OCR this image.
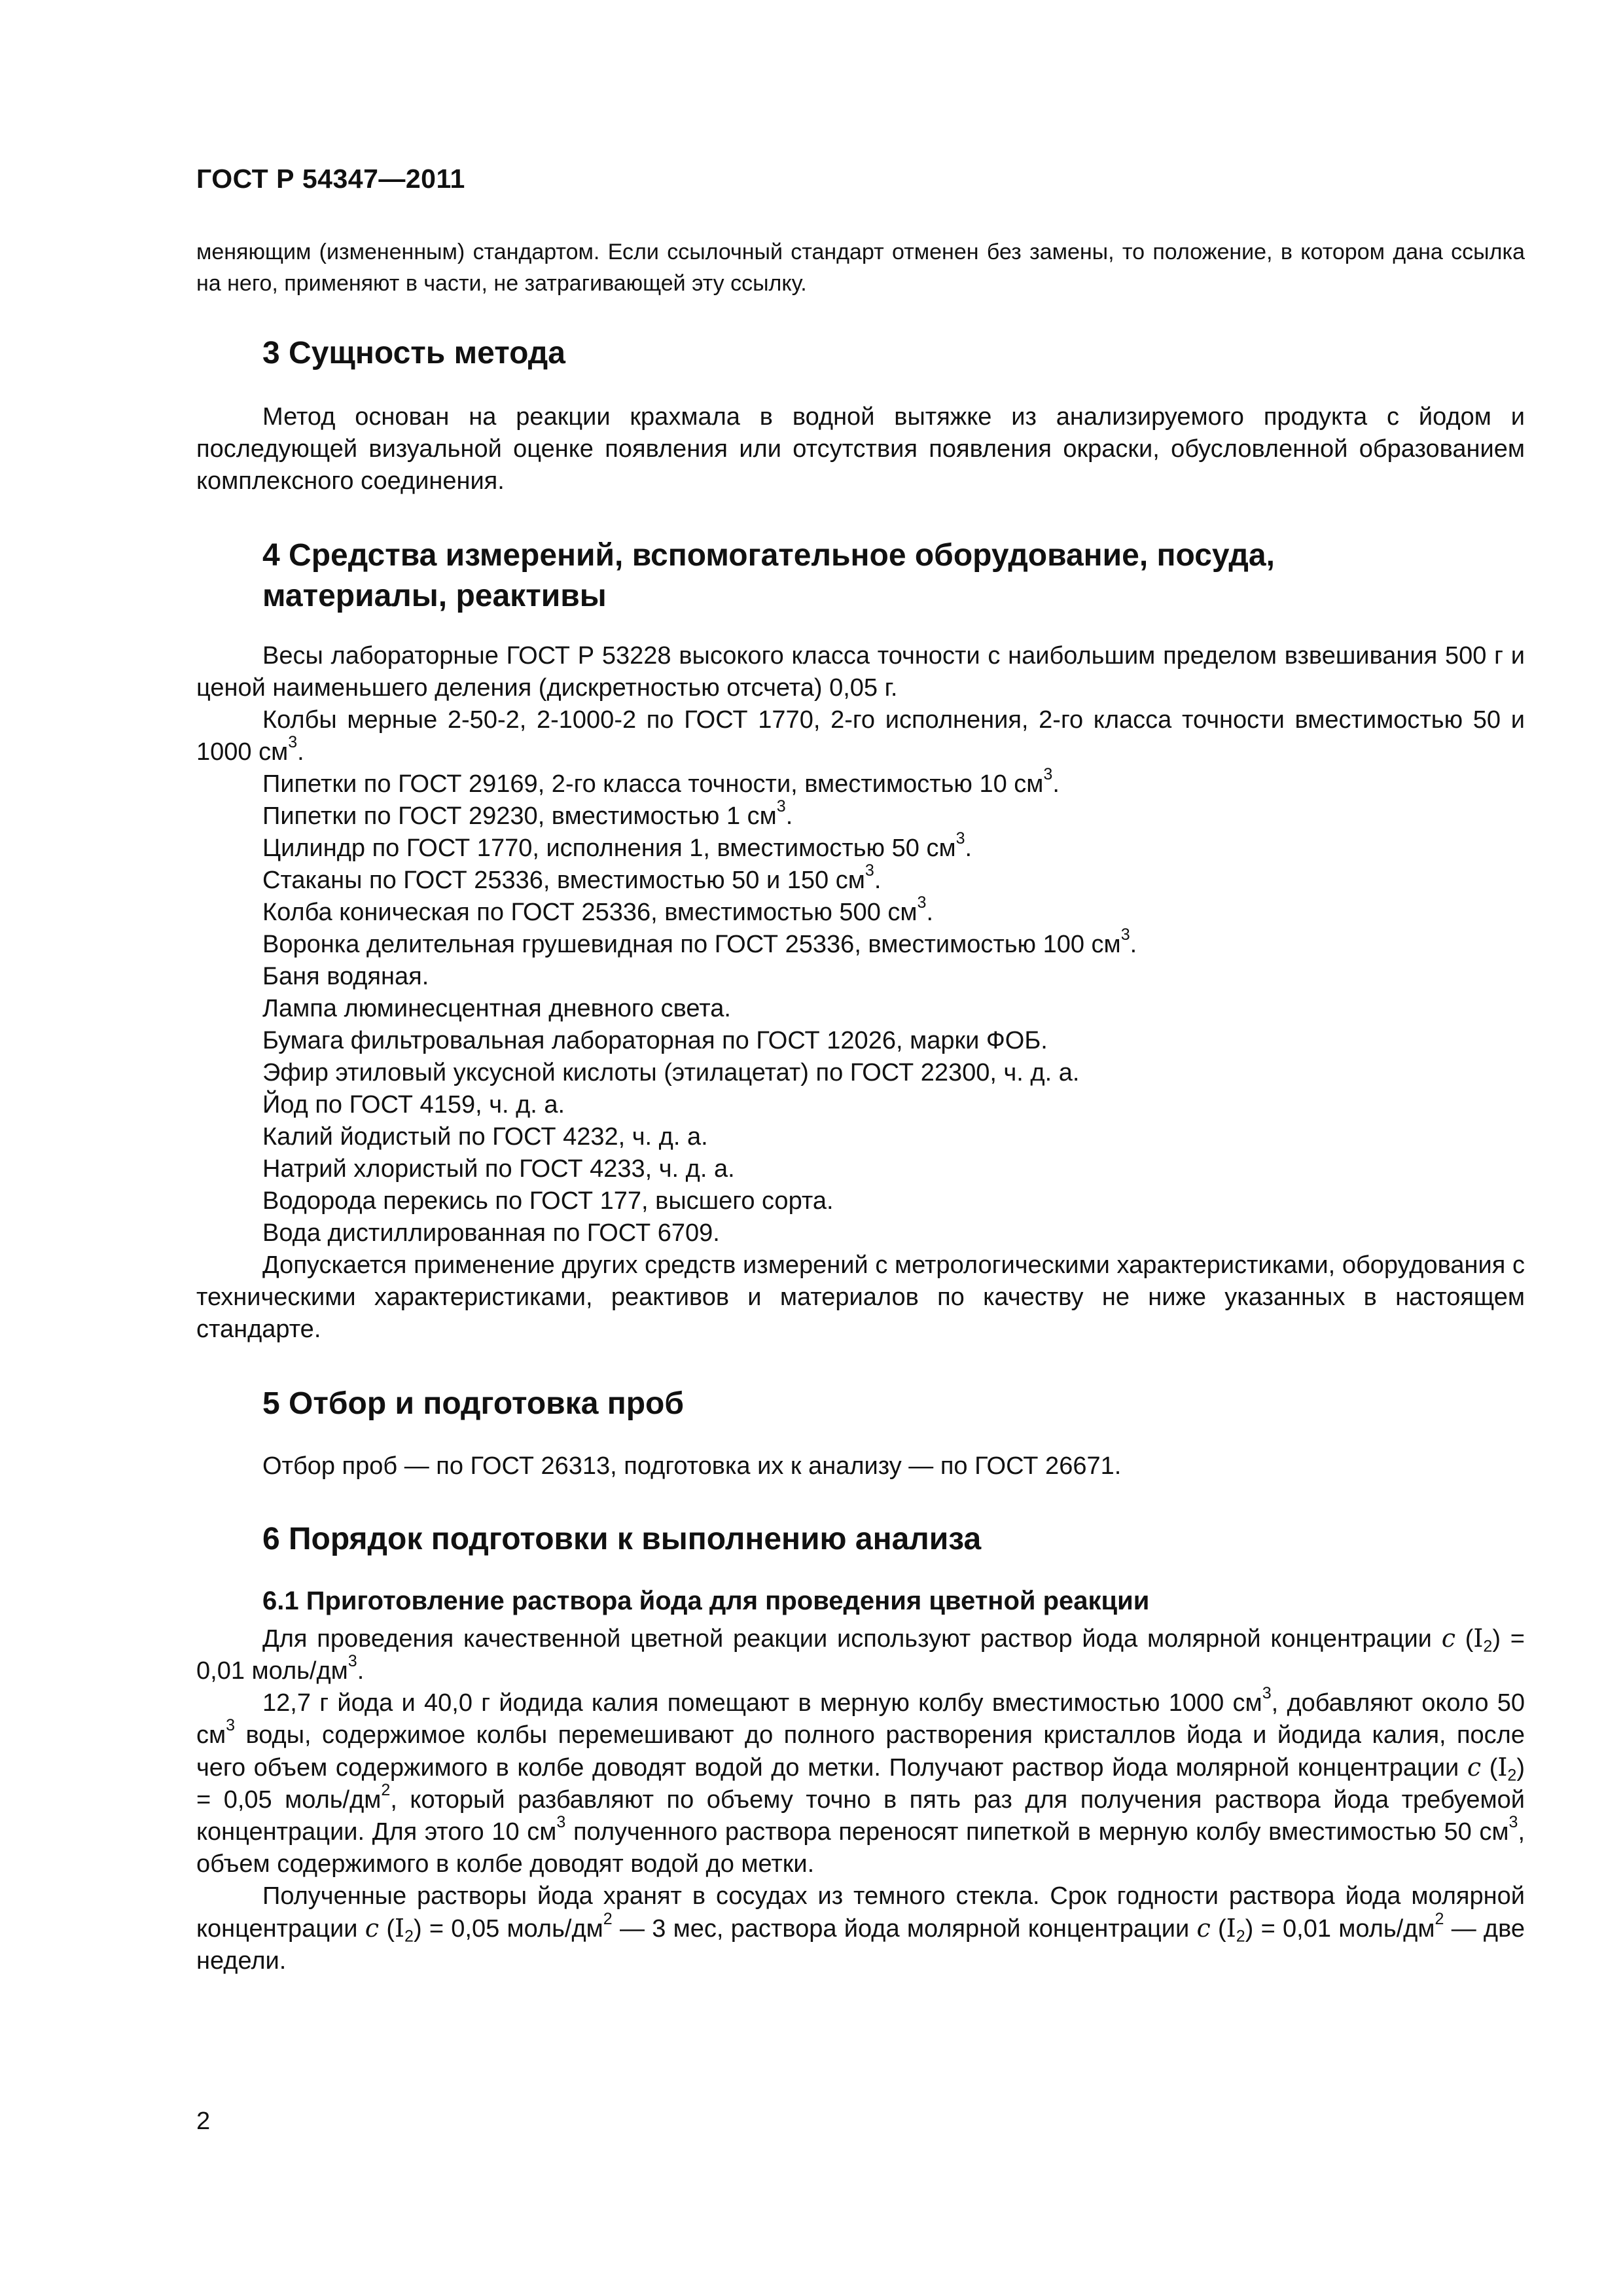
ГОСТ Р 54347—2011

меняющим (измененным) стандартом. Если ссылочный стандарт отменен без замены, то положение, в котором дана ссылка на него, применяют в части, не затрагивающей эту ссылку.

3 Сущность метода

Метод основан на реакции крахмала в водной вытяжке из анализируемого продукта с йодом и последующей визуальной оценке появления или отсутствия появления окраски, обусловленной образованием комплексного соединения.

4 Средства измерений, вспомогательное оборудование, посуда,
материалы, реактивы

Весы лабораторные ГОСТ Р 53228 высокого класса точности с наибольшим пределом взвешивания 500 г и ценой наименьшего деления (дискретностью отсчета) 0,05 г.

Колбы мерные 2-50-2, 2-1000-2 по ГОСТ 1770, 2-го исполнения, 2-го класса точности вместимостью 50 и 1000 $см^3$.

Пипетки по ГОСТ 29169, 2-го класса точности, вместимостью 10 $см^3$.

Пипетки по ГОСТ 29230, вместимостью 1 $см^3$.

Цилиндр по ГОСТ 1770, исполнения 1, вместимостью 50 $см^3$.

Стаканы по ГОСТ 25336, вместимостью 50 и 150 $см^3$.

Колба коническая по ГОСТ 25336, вместимостью 500 $см^3$.

Воронка делительная грушевидная по ГОСТ 25336, вместимостью 100 $см^3$.

Баня водяная.

Лампа люминесцентная дневного света.

Бумага фильтровальная лабораторная по ГОСТ 12026, марки ФОБ.

Эфир этиловый уксусной кислоты (этилацетат) по ГОСТ 22300, ч. д. а.

Йод по ГОСТ 4159, ч. д. а.

Калий йодистый по ГОСТ 4232, ч. д. а.

Натрий хлористый по ГОСТ 4233, ч. д. а.

Водорода перекись по ГОСТ 177, высшего сорта.

Вода дистиллированная по ГОСТ 6709.

Допускается применение других средств измерений с метрологическими характеристиками, оборудования с техническими характеристиками, реактивов и материалов по качеству не ниже указанных в настоящем стандарте.

5 Отбор и подготовка проб

Отбор проб — по ГОСТ 26313, подготовка их к анализу — по ГОСТ 26671.

6 Порядок подготовки к выполнению анализа
6.1 Приготовление раствора йода для проведения цветной реакции

Для проведения качественной цветной реакции используют раствор йода молярной концентрации c $(I_2) = 0,01$ моль/$дм^3$.

12,7 г йода и 40,0 г йодида калия помещают в мерную колбу вместимостью 1000 $см^3$, добавляют около 50 $см^3$ воды, содержимое колбы перемешивают до полного растворения кристаллов йода и йодида калия, после чего объем содержимого в колбе доводят водой до метки. Получают раствор йода молярной концентрации c $(I_2) = 0,05$ моль/$дм^2$, который разбавляют по объему точно в пять раз для получения раствора йода требуемой концентрации. Для этого 10 $см^3$ полученного раствора переносят пипеткой в мерную колбу вместимостью 50 $см^3$, объем содержимого в колбе доводят водой до метки.

Полученные растворы йода хранят в сосудах из темного стекла. Срок годности раствора йода молярной концентрации c $(I_2) = 0,05$ моль/$дм^2$ — 3 мес, раствора йода молярной концентрации c $(I_2) = 0,01$ моль/$дм^2$ — две недели.

2
